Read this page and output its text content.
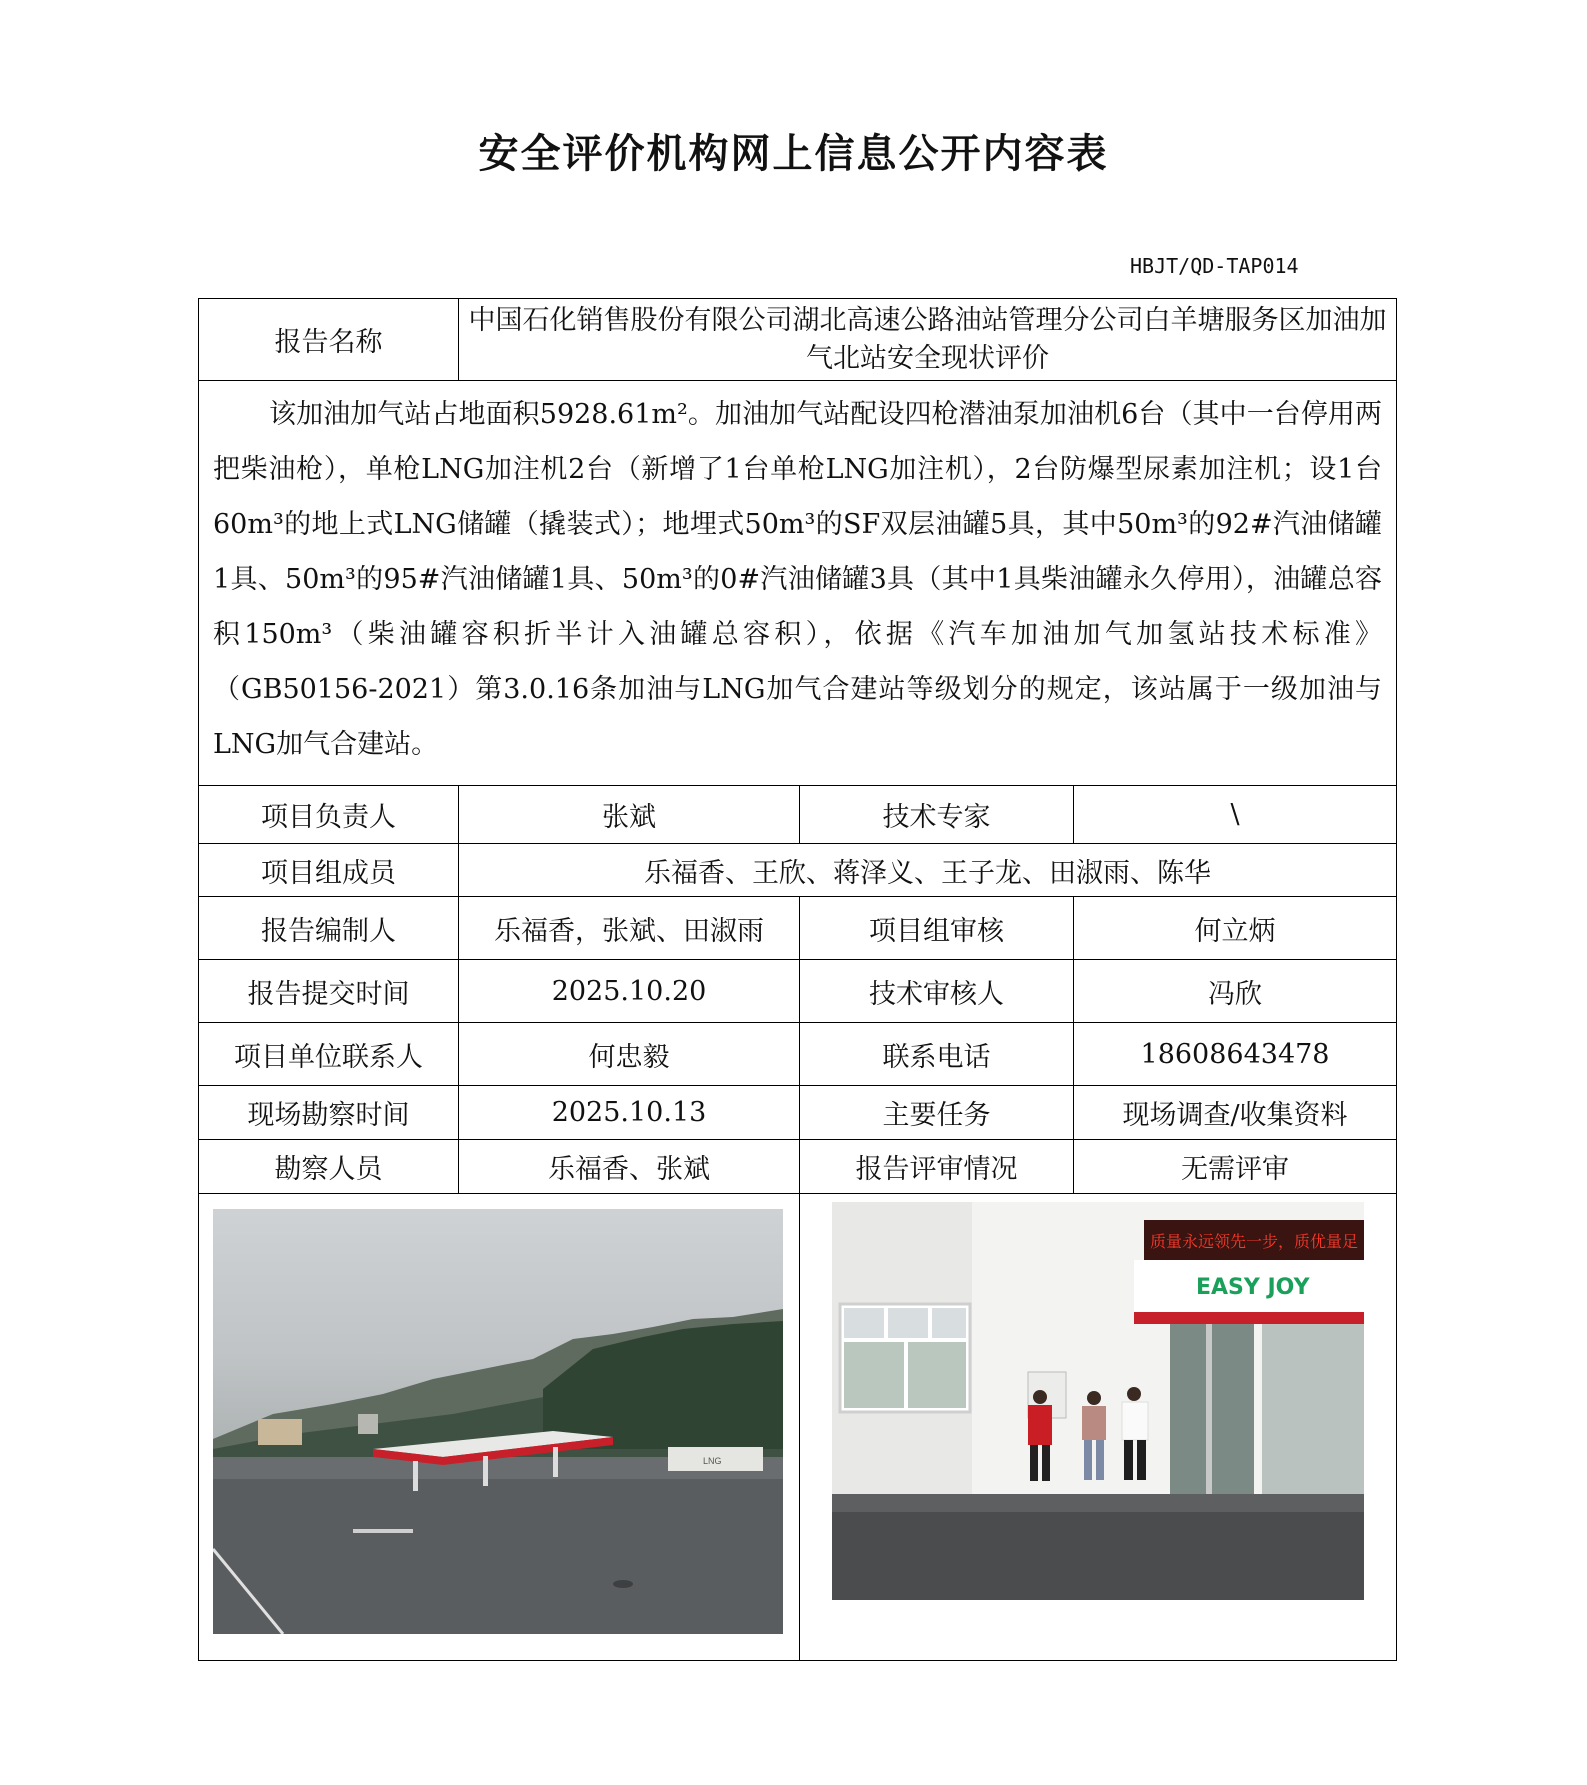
安全评价机构网上信息公开内容表
HBJT/QD-TAP014
报告名称	中国石化销售股份有限公司湖北高速公路油站管理分公司白羊塘服务区加油加气北站安全现状评价		

该加油加气站占地面积5928.61m²。加油加气站配设四枪潜油泵加油机6台（其中一台停用两把柴油枪），单枪LNG加注机2台（新增了1台单枪LNG加注机），2台防爆型尿素加注机；设1台60m³的地上式LNG储罐（撬装式）；地埋式50m³的SF双层油罐5具，其中50m³的92#汽油储罐1具、50m³的95#汽油储罐1具、50m³的0#汽油储罐3具（其中1具柴油罐永久停用），油罐总容积150m³（柴油罐容积折半计入油罐总容积），依据《汽车加油加气加氢站技术标准》（GB50156-2021）第3.0.16条加油与LNG加气合建站等级划分的规定，该站属于一级加油与LNG加气合建站。			

项目负责人	张斌	技术专家	\
项目组成员	乐福香、王欣、蒋泽义、王子龙、田淑雨、陈华		
报告编制人	乐福香，张斌、田淑雨	项目组审核	何立炳
报告提交时间	2025.10.20	技术审核人	冯欣
项目单位联系人	何忠毅	联系电话	18608643478
现场勘察时间	2025.10.13	主要任务	现场调查/收集资料
勘察人员	乐福香、张斌	报告评审情况	无需评审

LNG		质量永远领先一步，质优量足
EASY JOY	
